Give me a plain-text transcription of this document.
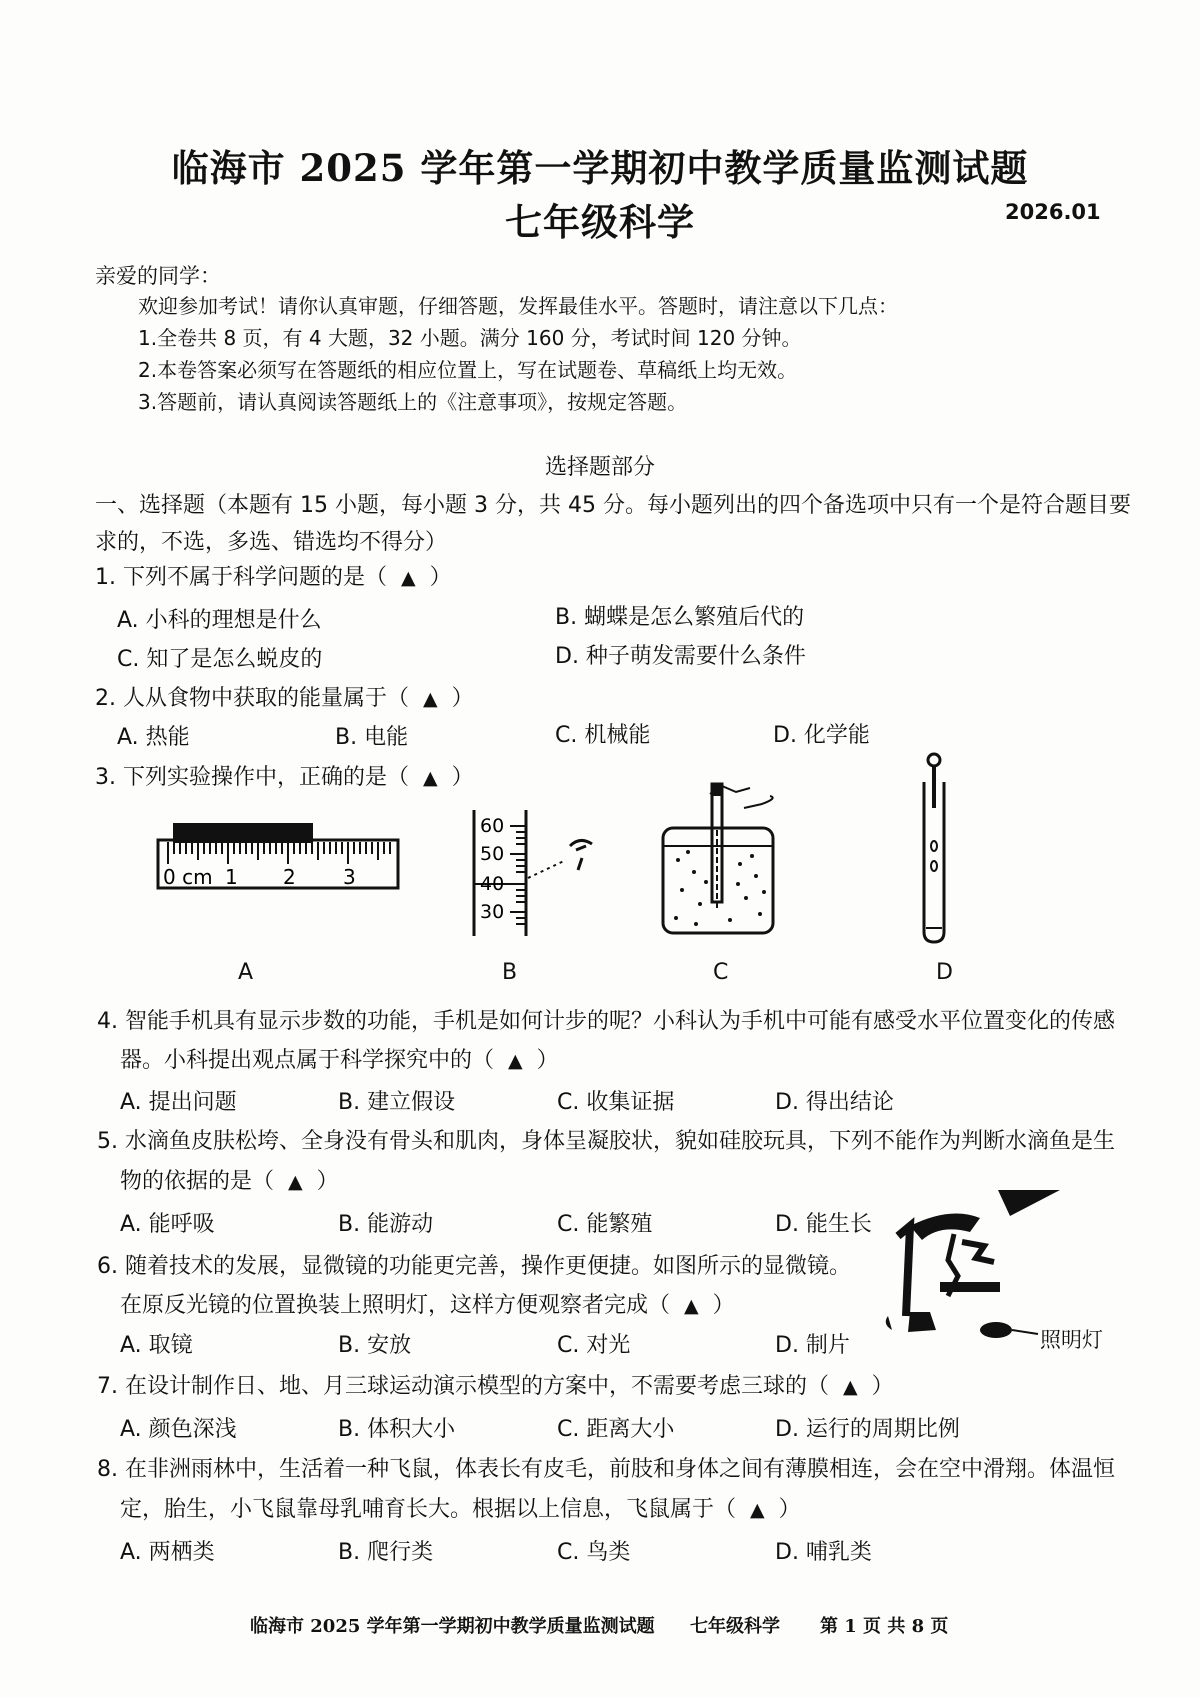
临海市 2025 学年第一学期初中教学质量监测试题
七年级科学	2026.01
亲爱的同学：
欢迎参加考试！请你认真审题，仔细答题，发挥最佳水平。答题时，请注意以下几点：
1.全卷共 8 页，有 4 大题，32 小题。满分 160 分，考试时间 120 分钟。
2.本卷答案必须写在答题纸的相应位置上，写在试题卷、草稿纸上均无效。
3.答题前，请认真阅读答题纸上的《注意事项》，按规定答题。
选择题部分
一、选择题（本题有 15 小题，每小题 3 分，共 45 分。每小题列出的四个备选项中只有一个是符合题目要
求的，不选，多选、错选均不得分）
1. 下列不属于科学问题的是（ ▲ ）
A. 小科的理想是什么	B. 蝴蝶是怎么繁殖后代的
C. 知了是怎么蜕皮的	D. 种子萌发需要什么条件
2. 人从食物中获取的能量属于（ ▲ ）
A. 热能	B. 电能	C. 机械能	D. 化学能
3. 下列实验操作中，正确的是（ ▲ ）
0 cm 1 2 3
60
50
40
30
A	B	C	D
4. 智能手机具有显示步数的功能，手机是如何计步的呢？小科认为手机中可能有感受水平位置变化的传感
器。小科提出观点属于科学探究中的（ ▲ ）
A. 提出问题	B. 建立假设	C. 收集证据	D. 得出结论
5. 水滴鱼皮肤松垮、全身没有骨头和肌肉，身体呈凝胶状，貌如硅胶玩具，下列不能作为判断水滴鱼是生
物的依据的是（ ▲ ）
A. 能呼吸	B. 能游动	C. 能繁殖	D. 能生长
6. 随着技术的发展，显微镜的功能更完善，操作更便捷。如图所示的显微镜。
在原反光镜的位置换装上照明灯，这样方便观察者完成（ ▲ ）
A. 取镜	B. 安放	C. 对光	D. 制片	照明灯
7. 在设计制作日、地、月三球运动演示模型的方案中，不需要考虑三球的（ ▲ ）
A. 颜色深浅	B. 体积大小	C. 距离大小	D. 运行的周期比例
8. 在非洲雨林中，生活着一种飞鼠，体表长有皮毛，前肢和身体之间有薄膜相连，会在空中滑翔。体温恒
定，胎生，小飞鼠靠母乳哺育长大。根据以上信息，飞鼠属于（ ▲ ）
A. 两栖类	B. 爬行类	C. 鸟类	D. 哺乳类
临海市 2025 学年第一学期初中教学质量监测试题 七年级科学 第 1 页 共 8 页
